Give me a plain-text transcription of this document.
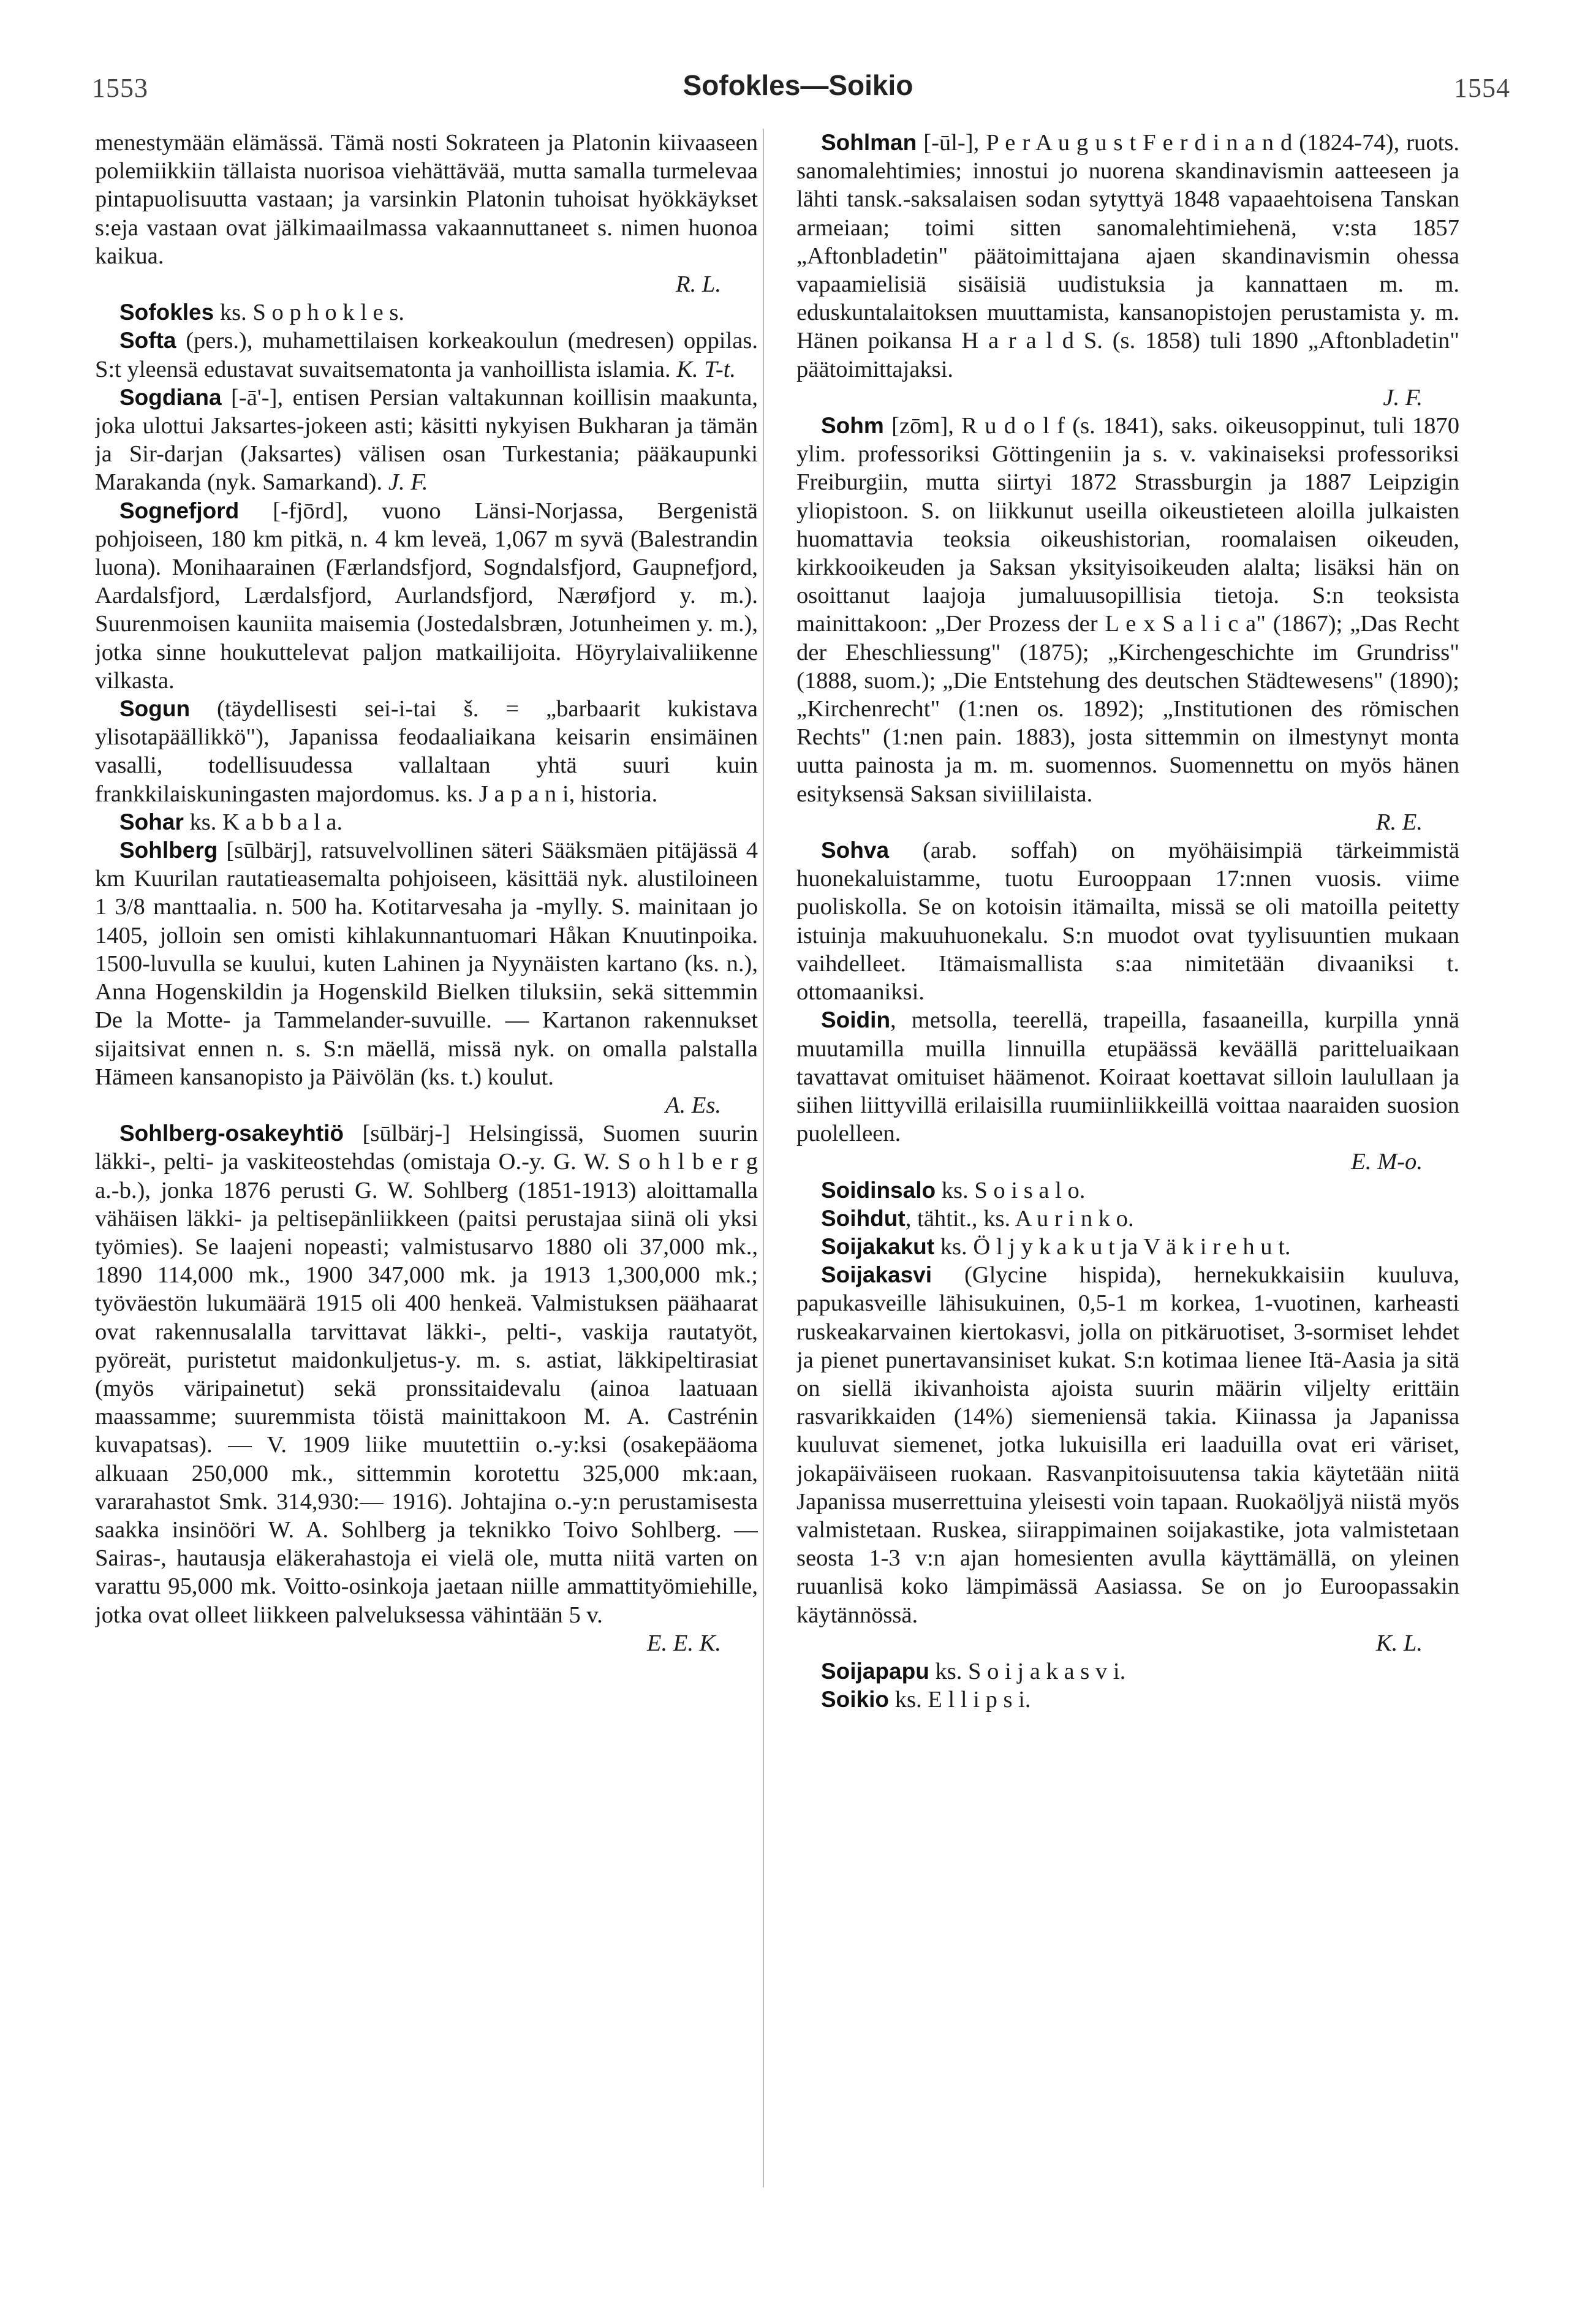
1553	Sofokles—Soikio	1554

menestymään elämässä. Tämä nosti Sokrateen ja Platonin kiivaaseen polemiikkiin tällaista nuorisoa viehättävää, mutta samalla turmelevaa pintapuolisuutta vastaan; ja varsinkin Platonin tuhoisat hyökkäykset s:eja vastaan ovat jälkimaailmassa vakaannuttaneet s. nimen huonoa kaikua.

R. L.

Sofokles ks. S o p h o k l e s.

Softa (pers.), muhamettilaisen korkeakoulun (medresen) oppilas. S:t yleensä edustavat suvaitsematonta ja vanhoillista islamia. K. T-t.

Sogdiana [-ā'-], entisen Persian valtakunnan koillisin maakunta, joka ulottui Jaksartes-jokeen asti; käsitti nykyisen Bukharan ja tämän ja Sir-darjan (Jaksartes) välisen osan Turkestania; pääkaupunki Marakanda (nyk. Samarkand). J. F.

Sognefjord [-fjōrd], vuono Länsi-Norjassa, Bergenistä pohjoiseen, 180 km pitkä, n. 4 km leveä, 1,067 m syvä (Balestrandin luona). Monihaarainen (Færlandsfjord, Sogndalsfjord, Gaupnefjord, Aardalsfjord, Lærdalsfjord, Aurlandsfjord, Nærøfjord y. m.). Suurenmoisen kauniita maisemia (Jostedalsbræn, Jotunheimen y. m.), jotka sinne houkuttelevat paljon matkailijoita. Höyrylaivaliikenne vilkasta.

Sogun (täydellisesti sei-i-tai š. = „barbaarit kukistava ylisotapäällikkö"), Japanissa feodaaliaikana keisarin ensimäinen vasalli, todellisuudessa vallaltaan yhtä suuri kuin frankkilaiskuningasten majordomus. ks. J a p a n i, historia.

Sohar ks. K a b b a l a.

Sohlberg [sūlbärj], ratsuvelvollinen säteri Sääksmäen pitäjässä 4 km Kuurilan rautatieasemalta pohjoiseen, käsittää nyk. alustiloineen 1 3/8 manttaalia. n. 500 ha. Kotitarvesaha ja -mylly. S. mainitaan jo 1405, jolloin sen omisti kihlakunnantuomari Håkan Knuutinpoika. 1500-luvulla se kuului, kuten Lahinen ja Nyynäisten kartano (ks. n.), Anna Hogenskildin ja Hogenskild Bielken tiluksiin, sekä sittemmin De la Motte- ja Tammelander-suvuille. — Kartanon rakennukset sijaitsivat ennen n. s. S:n mäellä, missä nyk. on omalla palstalla Hämeen kansanopisto ja Päivölän (ks. t.) koulut.

A. Es.

Sohlberg-osakeyhtiö [sūlbärj-] Helsingissä, Suomen suurin läkki-, pelti- ja vaskiteostehdas (omistaja O.-y. G. W. S o h l b e r g a.-b.), jonka 1876 perusti G. W. Sohlberg (1851-1913) aloittamalla vähäisen läkki- ja peltisepänliikkeen (paitsi perustajaa siinä oli yksi työmies). Se laajeni nopeasti; valmistusarvo 1880 oli 37,000 mk., 1890 114,000 mk., 1900 347,000 mk. ja 1913 1,300,000 mk.; työväestön lukumäärä 1915 oli 400 henkeä. Valmistuksen päähaarat ovat rakennusalalla tarvittavat läkki-, pelti-, vaskija rautatyöt, pyöreät, puristetut maidonkuljetus-y. m. s. astiat, läkkipeltirasiat (myös väripainetut) sekä pronssitaidevalu (ainoa laatuaan maassamme; suuremmista töistä mainittakoon M. A. Castrénin kuvapatsas). — V. 1909 liike muutettiin o.-y:ksi (osakepääoma alkuaan 250,000 mk., sittemmin korotettu 325,000 mk:aan, vararahastot Smk. 314,930:— 1916). Johtajina o.-y:n perustamisesta saakka insinööri W. A. Sohlberg ja teknikko Toivo Sohlberg. — Sairas-, hautausja eläkerahastoja ei vielä ole, mutta niitä varten on varattu 95,000 mk. Voitto-osinkoja jaetaan niille ammattityömiehille, jotka ovat olleet liikkeen palveluksessa vähintään 5 v.

E. E. K.

Sohlman [-ūl-], P e r A u g u s t F e r d i n a n d (1824-74), ruots. sanomalehtimies; innostui jo nuorena skandinavismin aatteeseen ja lähti tansk.-saksalaisen sodan sytyttyä 1848 vapaaehtoisena Tanskan armeiaan; toimi sitten sanomalehtimiehenä, v:sta 1857 „Aftonbladetin" päätoimittajana ajaen skandinavismin ohessa vapaamielisiä sisäisiä uudistuksia ja kannattaen m. m. eduskuntalaitoksen muuttamista, kansanopistojen perustamista y. m. Hänen poikansa H a r a l d S. (s. 1858) tuli 1890 „Aftonbladetin" päätoimittajaksi.

J. F.

Sohm [zōm], R u d o l f (s. 1841), saks. oikeusoppinut, tuli 1870 ylim. professoriksi Göttingeniin ja s. v. vakinaiseksi professoriksi Freiburgiin, mutta siirtyi 1872 Strassburgin ja 1887 Leipzigin yliopistoon. S. on liikkunut useilla oikeustieteen aloilla julkaisten huomattavia teoksia oikeushistorian, roomalaisen oikeuden, kirkkooikeuden ja Saksan yksityisoikeuden alalta; lisäksi hän on osoittanut laajoja jumaluusopillisia tietoja. S:n teoksista mainittakoon: „Der Prozess der L e x S a l i c a" (1867); „Das Recht der Eheschliessung" (1875); „Kirchengeschichte im Grundriss" (1888, suom.); „Die Entstehung des deutschen Städtewesens" (1890); „Kirchenrecht" (1:nen os. 1892); „Institutionen des römischen Rechts" (1:nen pain. 1883), josta sittemmin on ilmestynyt monta uutta painosta ja m. m. suomennos. Suomennettu on myös hänen esityksensä Saksan siviililaista.

R. E.

Sohva (arab. soffah) on myöhäisimpiä tärkeimmistä huonekaluistamme, tuotu Eurooppaan 17:nnen vuosis. viime puoliskolla. Se on kotoisin itämailta, missä se oli matoilla peitetty istuinja makuuhuonekalu. S:n muodot ovat tyylisuuntien mukaan vaihdelleet. Itämaismallista s:aa nimitetään divaaniksi t. ottomaaniksi.

Soidin, metsolla, teerellä, trapeilla, fasaaneilla, kurpilla ynnä muutamilla muilla linnuilla etupäässä keväällä paritteluaikaan tavattavat omituiset häämenot. Koiraat koettavat silloin laulullaan ja siihen liittyvillä erilaisilla ruumiinliikkeillä voittaa naaraiden suosion puolelleen.

E. M-o.

Soidinsalo ks. S o i s a l o.

Soihdut, tähtit., ks. A u r i n k o.

Soijakakut ks. Ö l j y k a k u t ja V ä k i r e h u t.

Soijakasvi (Glycine hispida), hernekukkaisiin kuuluva, papukasveille lähisukuinen, 0,5-1 m korkea, 1-vuotinen, karheasti ruskeakarvainen kiertokasvi, jolla on pitkäruotiset, 3-sormiset lehdet ja pienet punertavansiniset kukat. S:n kotimaa lienee Itä-Aasia ja sitä on siellä ikivanhoista ajoista suurin määrin viljelty erittäin rasvarikkaiden (14%) siemeniensä takia. Kiinassa ja Japanissa kuuluvat siemenet, jotka lukuisilla eri laaduilla ovat eri väriset, jokapäiväiseen ruokaan. Rasvanpitoisuutensa takia käytetään niitä Japanissa muserrettuina yleisesti voin tapaan. Ruokaöljyä niistä myös valmistetaan. Ruskea, siirappimainen soijakastike, jota valmistetaan seosta 1-3 v:n ajan homesienten avulla käyttämällä, on yleinen ruuanlisä koko lämpimässä Aasiassa. Se on jo Euroopassakin käytännössä.

K. L.

Soijapapu ks. S o i j a k a s v i.

Soikio ks. E l l i p s i.
